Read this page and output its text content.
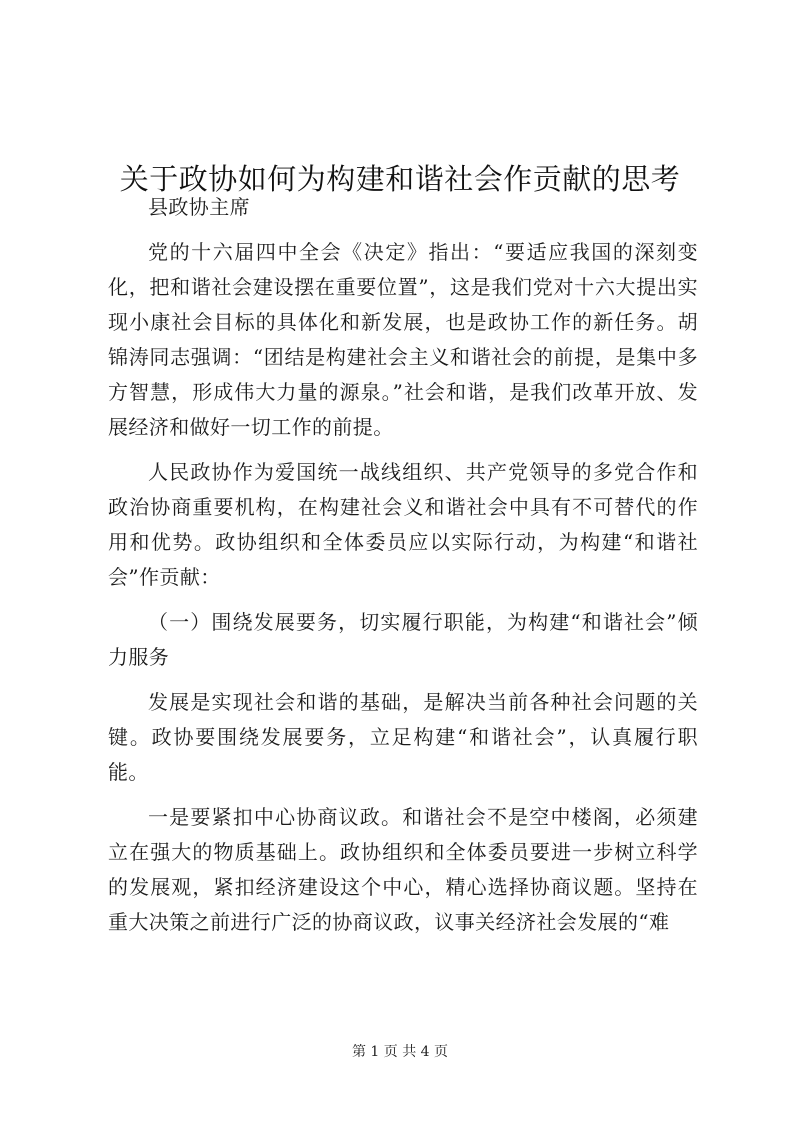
关于政协如何为构建和谐社会作贡献的思考

县政协主席

党的十六届四中全会《决定》指出：“要适应我国的深刻变化，把和谐社会建设摆在重要位置”，这是我们党对十六大提出实现小康社会目标的具体化和新发展，也是政协工作的新任务。胡锦涛同志强调：“团结是构建社会主义和谐社会的前提，是集中多方智慧，形成伟大力量的源泉。”社会和谐，是我们改革开放、发展经济和做好一切工作的前提。

人民政协作为爱国统一战线组织、共产党领导的多党合作和政治协商重要机构，在构建社会义和谐社会中具有不可替代的作用和优势。政协组织和全体委员应以实际行动，为构建“和谐社会”作贡献：

（一）围绕发展要务，切实履行职能，为构建“和谐社会”倾力服务

发展是实现社会和谐的基础，是解决当前各种社会问题的关键。政协要围绕发展要务，立足构建“和谐社会”，认真履行职能。

一是要紧扣中心协商议政。和谐社会不是空中楼阁，必须建立在强大的物质基础上。政协组织和全体委员要进一步树立科学的发展观，紧扣经济建设这个中心，精心选择协商议题。坚持在重大决策之前进行广泛的协商议政，议事关经济社会发展的“难

第 1 页 共 4 页
